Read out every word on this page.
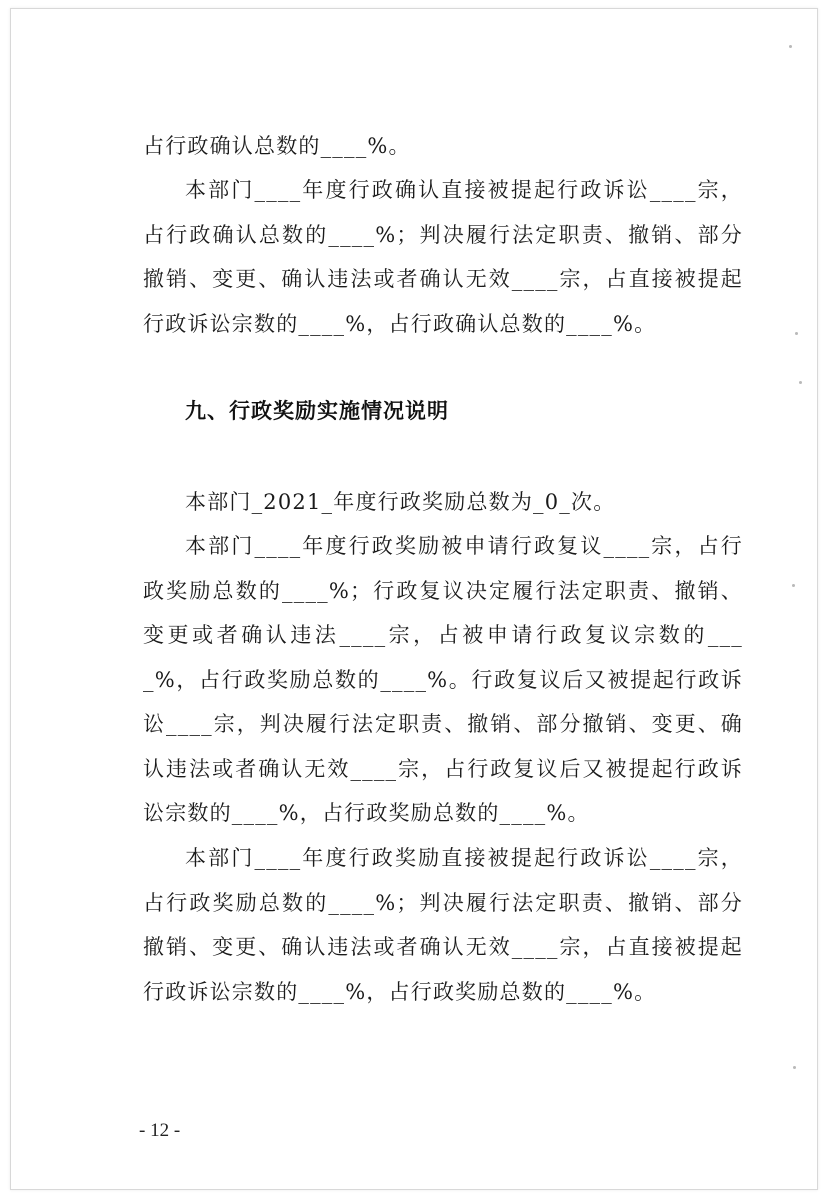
占行政确认总数的____%。

本部门____年度行政确认直接被提起行政诉讼____宗，占行政确认总数的____%；判决履行法定职责、撤销、部分撤销、变更、确认违法或者确认无效____宗，占直接被提起行政诉讼宗数的____%，占行政确认总数的____%。

九、行政奖励实施情况说明

本部门_2021_年度行政奖励总数为_0_次。

本部门____年度行政奖励被申请行政复议____宗，占行政奖励总数的____%；行政复议决定履行法定职责、撤销、变更或者确认违法____宗，占被申请行政复议宗数的____%，占行政奖励总数的____%。行政复议后又被提起行政诉讼____宗，判决履行法定职责、撤销、部分撤销、变更、确认违法或者确认无效____宗，占行政复议后又被提起行政诉讼宗数的____%，占行政奖励总数的____%。

本部门____年度行政奖励直接被提起行政诉讼____宗，占行政奖励总数的____%；判决履行法定职责、撤销、部分撤销、变更、确认违法或者确认无效____宗，占直接被提起行政诉讼宗数的____%，占行政奖励总数的____%。

- 12 -
